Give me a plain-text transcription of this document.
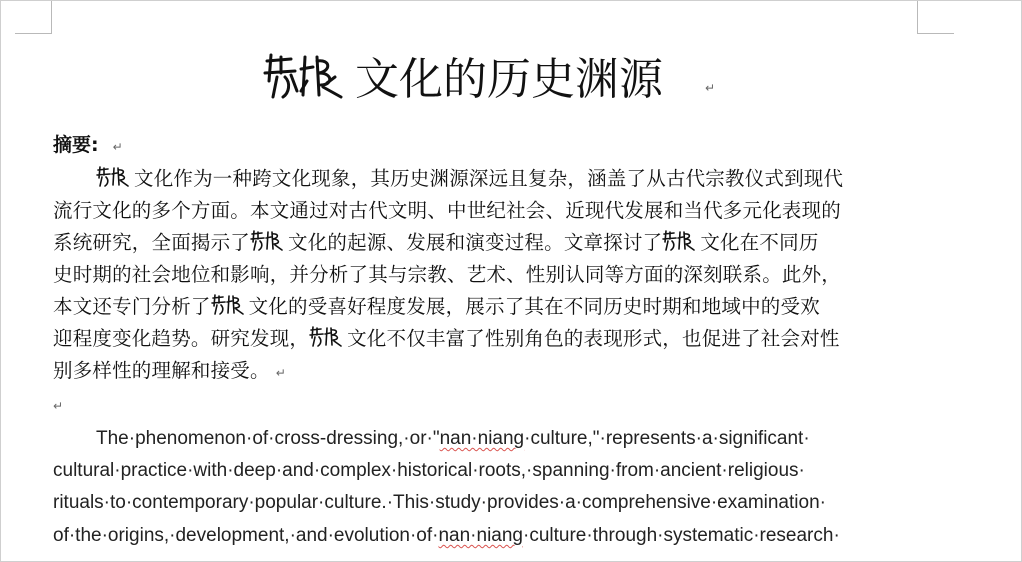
文化的历史渊源	↵
摘要: ↵
文化作为一种跨文化现象，其历史渊源深远且复杂，涵盖了从古代宗教仪式到现代
流行文化的多个方面。本文通过对古代文明、中世纪社会、近现代发展和当代多元化表现的
系统研究，全面揭示了 文化的起源、发展和演变过程。文章探讨了 文化在不同历
史时期的社会地位和影响，并分析了其与宗教、艺术、性别认同等方面的深刻联系。此外，
本文还专门分析了 文化的受喜好程度发展，展示了其在不同历史时期和地域中的受欢
迎程度变化趋势。研究发现， 文化不仅丰富了性别角色的表现形式，也促进了社会对性
别多样性的理解和接受。 ↵
↵
The·phenomenon·of·cross-dressing,·or·"nan·niang·culture,"·represents·a·significant·
cultural·practice·with·deep·and·complex·historical·roots,·spanning·from·ancient·religious·
rituals·to·contemporary·popular·culture.·This·study·provides·a·comprehensive·examination·
of·the·origins,·development,·and·evolution·of·nan·niang·culture·through·systematic·research·
